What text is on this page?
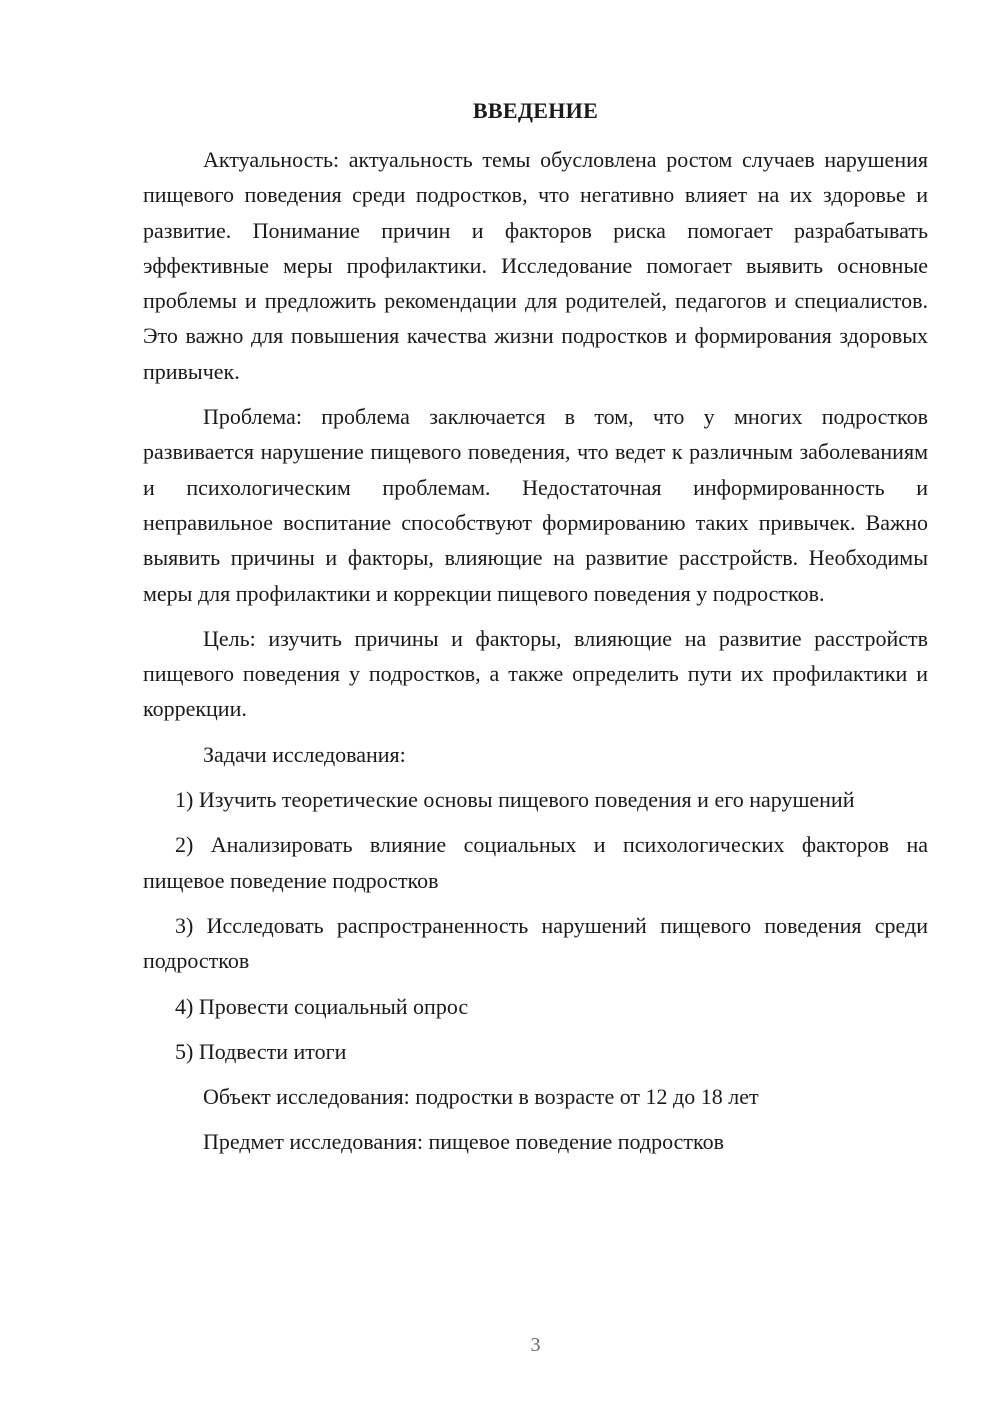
ВВЕДЕНИЕ

Актуальность: актуальность темы обусловлена ростом случаев нарушения пищевого поведения среди подростков, что негативно влияет на их здоровье и развитие. Понимание причин и факторов риска помогает разрабатывать эффективные меры профилактики. Исследование помогает выявить основные проблемы и предложить рекомендации для родителей, педагогов и специалистов. Это важно для повышения качества жизни подростков и формирования здоровых привычек.

Проблема: проблема заключается в том, что у многих подростков развивается нарушение пищевого поведения, что ведет к различным заболеваниям и психологическим проблемам. Недостаточная информированность и неправильное воспитание способствуют формированию таких привычек. Важно выявить причины и факторы, влияющие на развитие расстройств. Необходимы меры для профилактики и коррекции пищевого поведения у подростков.

Цель: изучить причины и факторы, влияющие на развитие расстройств пищевого поведения у подростков, а также определить пути их профилактики и коррекции.

Задачи исследования:

1) Изучить теоретические основы пищевого поведения и его нарушений

2) Анализировать влияние социальных и психологических факторов на пищевое поведение подростков

3) Исследовать распространенность нарушений пищевого поведения среди подростков

4) Провести социальный опрос

5) Подвести итоги

Объект исследования: подростки в возрасте от 12 до 18 лет

Предмет исследования: пищевое поведение подростков

3
